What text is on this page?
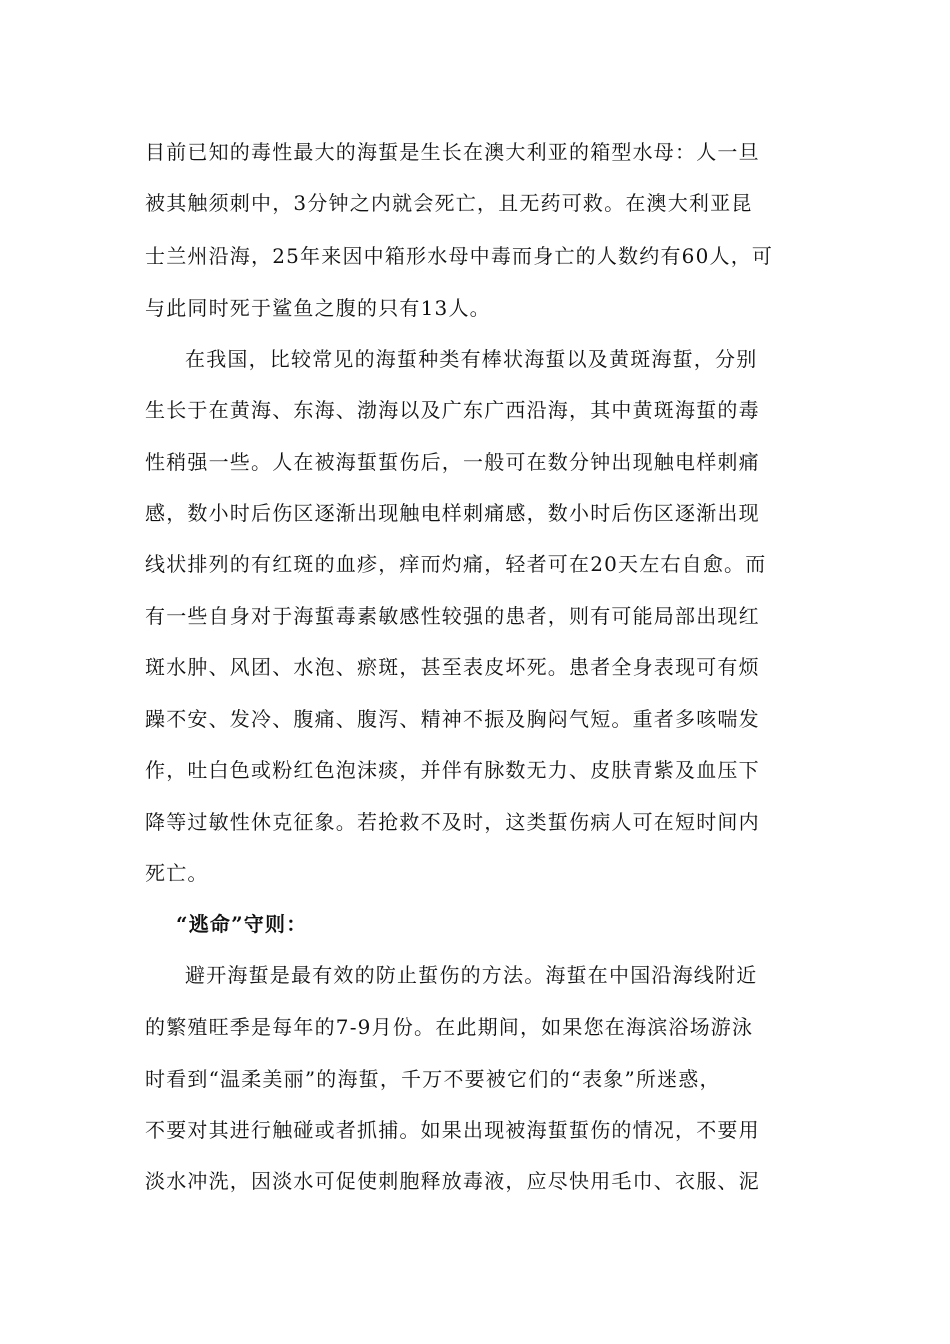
目前已知的毒性最大的海蜇是生长在澳大利亚的箱型水母：人一旦
被其触须刺中，3分钟之内就会死亡，且无药可救。在澳大利亚昆
士兰州沿海，25年来因中箱形水母中毒而身亡的人数约有60人，可
与此同时死于鲨鱼之腹的只有13人。
在我国，比较常见的海蜇种类有棒状海蜇以及黄斑海蜇，分别
生长于在黄海、东海、渤海以及广东广西沿海，其中黄斑海蜇的毒
性稍强一些。人在被海蜇蜇伤后，一般可在数分钟出现触电样刺痛
感，数小时后伤区逐渐出现触电样刺痛感，数小时后伤区逐渐出现
线状排列的有红斑的血疹，痒而灼痛，轻者可在20天左右自愈。而
有一些自身对于海蜇毒素敏感性较强的患者，则有可能局部出现红
斑水肿、风团、水泡、瘀斑，甚至表皮坏死。患者全身表现可有烦
躁不安、发冷、腹痛、腹泻、精神不振及胸闷气短。重者多咳喘发
作，吐白色或粉红色泡沫痰，并伴有脉数无力、皮肤青紫及血压下
降等过敏性休克征象。若抢救不及时，这类蜇伤病人可在短时间内
死亡。
“逃命”守则：
避开海蜇是最有效的防止蜇伤的方法。海蜇在中国沿海线附近
的繁殖旺季是每年的7-9月份。在此期间，如果您在海滨浴场游泳
时看到“温柔美丽”的海蜇，千万不要被它们的“表象”所迷惑，
不要对其进行触碰或者抓捕。如果出现被海蜇蜇伤的情况，不要用
淡水冲洗，因淡水可促使刺胞释放毒液，应尽快用毛巾、衣服、泥
